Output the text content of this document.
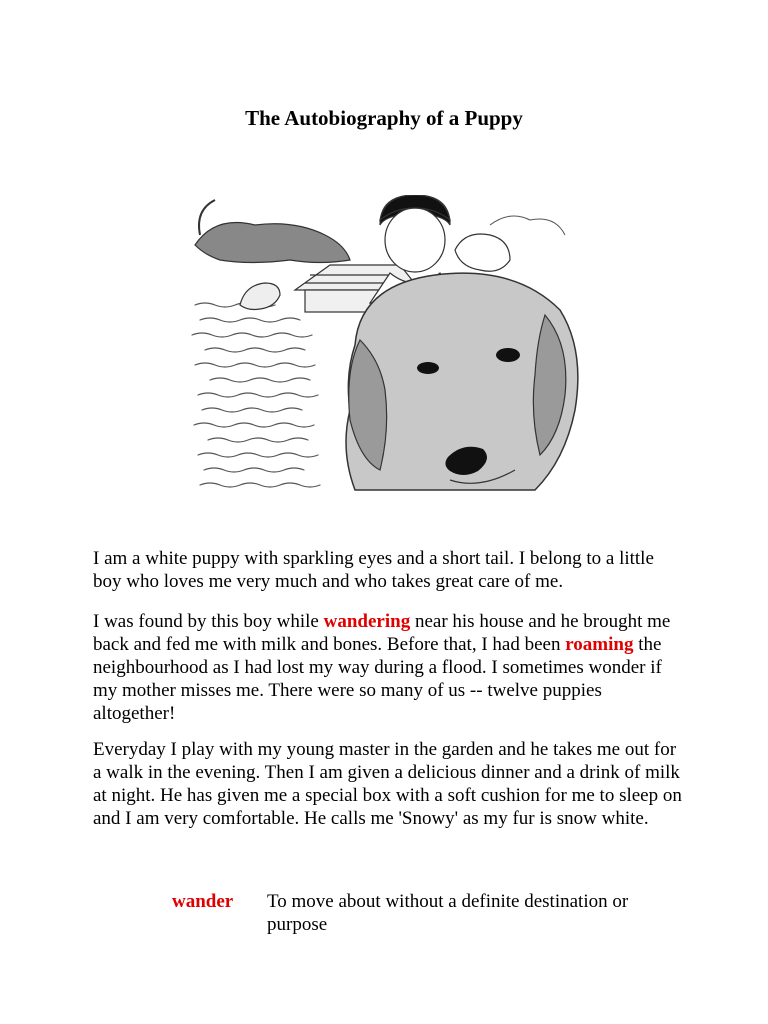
The Autobiography of a Puppy

I am a white puppy with sparkling eyes and a short tail. I belong to a little boy who loves me very much and who takes great care of me.

I was found by this boy while wandering near his house and he brought me back and fed me with milk and bones. Before that, I had been roaming the neighbourhood as I had lost my way during a flood. I sometimes wonder if my mother misses me. There were so many of us -- twelve puppies altogether!

Everyday I play with my young master in the garden and he takes me out for a walk in the evening. Then I am given a delicious dinner and a drink of milk at night. He has given me a special box with a soft cushion for me to sleep on and I am very comfortable. He calls me 'Snowy' as my fur is snow white.

wander To move about without a definite destination or purpose
